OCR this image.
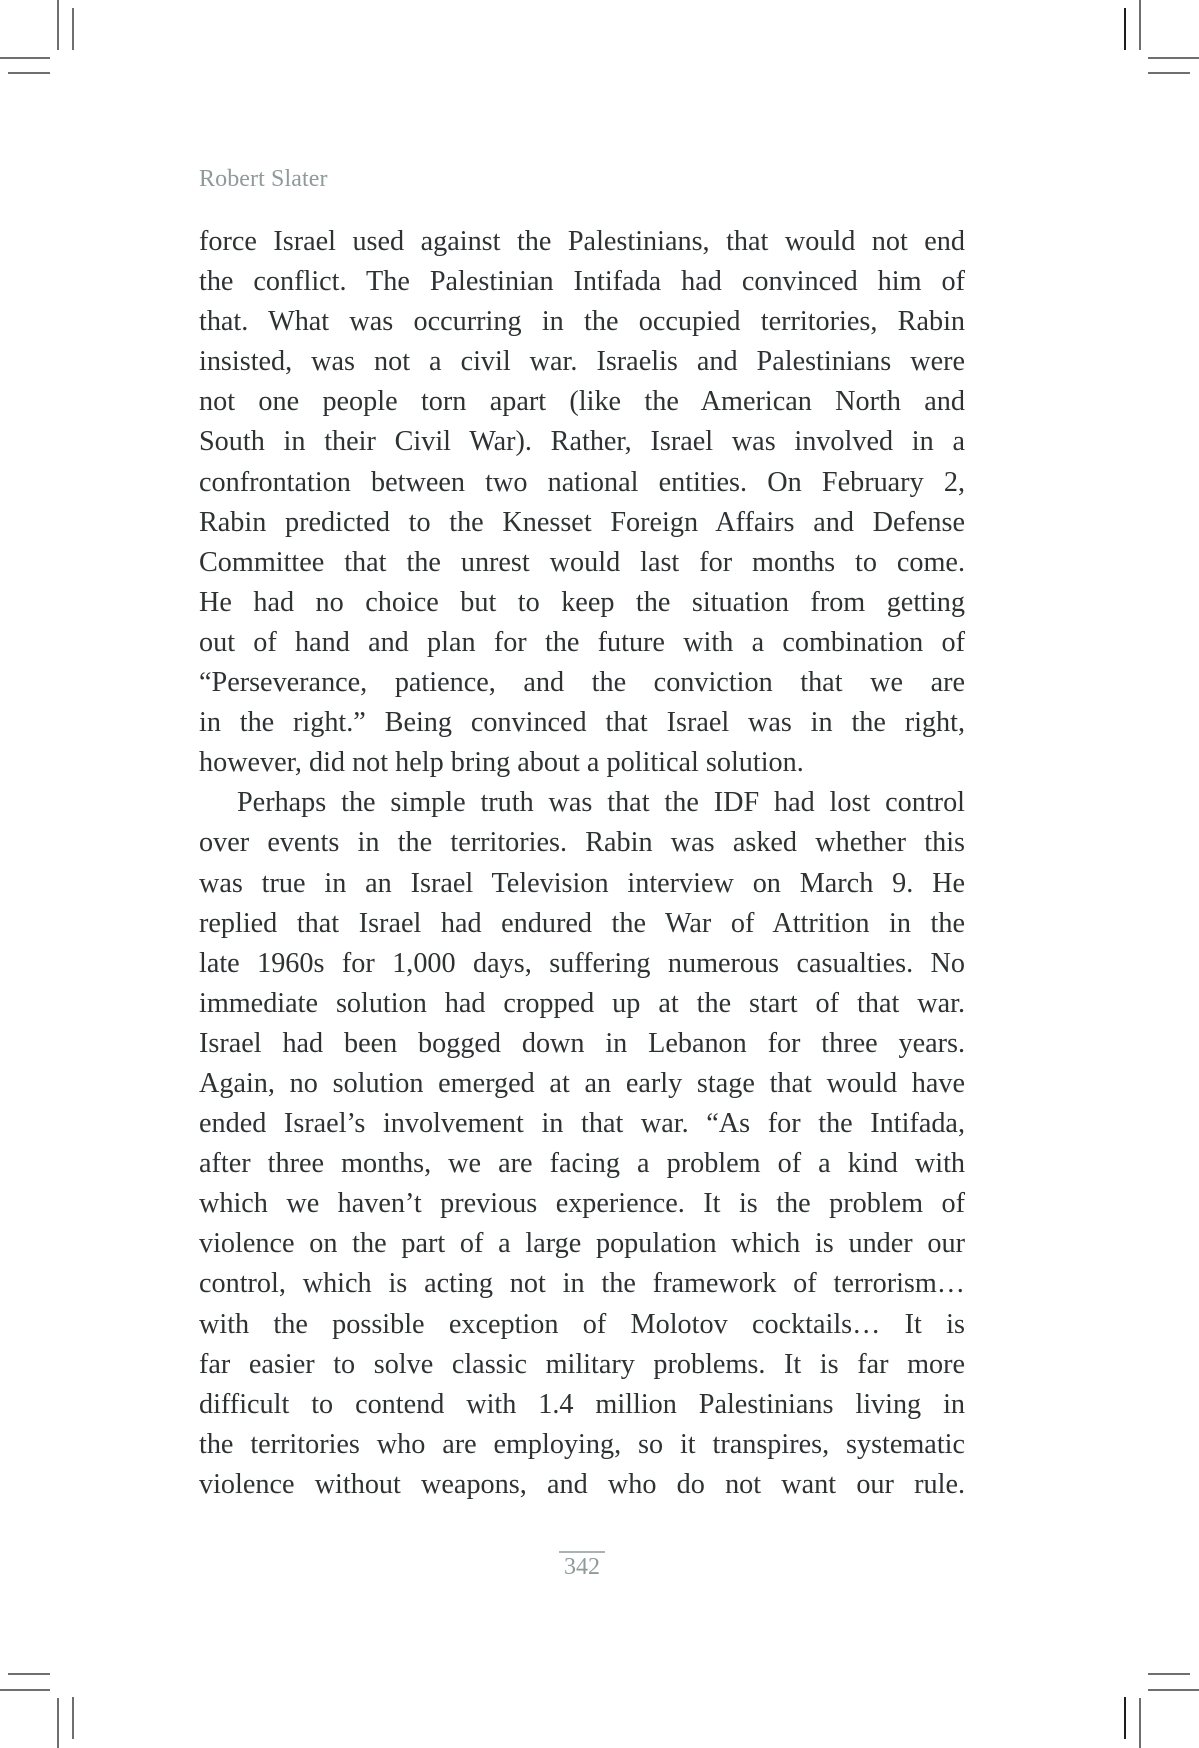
Robert Slater
force Israel used against the Palestinians, that would not end
the conflict. The Palestinian Intifada had convinced him of
that. What was occurring in the occupied territories, Rabin
insisted, was not a civil war. Israelis and Palestinians were
not one people torn apart (like the American North and
South in their Civil War). Rather, Israel was involved in a
confrontation between two national entities. On February 2,
Rabin predicted to the Knesset Foreign Affairs and Defense
Committee that the unrest would last for months to come.
He had no choice but to keep the situation from getting
out of hand and plan for the future with a combination of
“Perseverance, patience, and the conviction that we are
in the right.” Being convinced that Israel was in the right,
however, did not help bring about a political solution.
Perhaps the simple truth was that the IDF had lost control
over events in the territories. Rabin was asked whether this
was true in an Israel Television interview on March 9. He
replied that Israel had endured the War of Attrition in the
late 1960s for 1,000 days, suffering numerous casualties. No
immediate solution had cropped up at the start of that war.
Israel had been bogged down in Lebanon for three years.
Again, no solution emerged at an early stage that would have
ended Israel’s involvement in that war. “As for the Intifada,
after three months, we are facing a problem of a kind with
which we haven’t previous experience. It is the problem of
violence on the part of a large population which is under our
control, which is acting not in the framework of terrorism…
with the possible exception of Molotov cocktails… It is
far easier to solve classic military problems. It is far more
difficult to contend with 1.4 million Palestinians living in
the territories who are employing, so it transpires, systematic
violence without weapons, and who do not want our rule.
342
